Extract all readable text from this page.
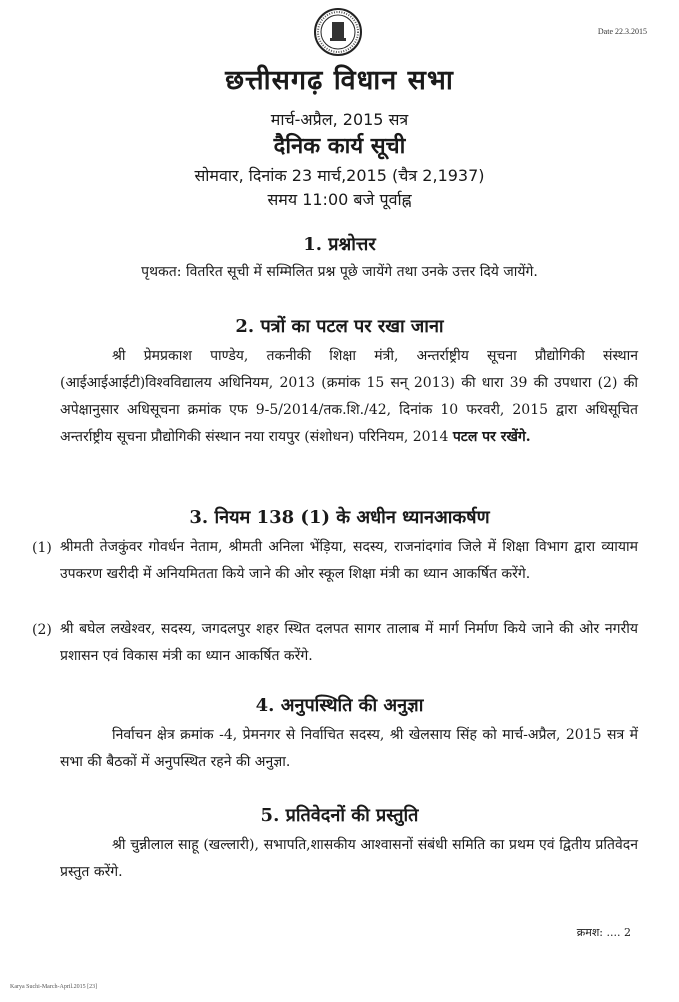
Date 22.3.2015
छत्तीसगढ़ विधान सभा
मार्च-अप्रैल, 2015 सत्र
दैनिक कार्य सूची
सोमवार, दिनांक 23 मार्च,2015 (चैत्र 2,1937)
समय 11:00 बजे पूर्वाह्न
1. प्रश्नोत्तर
पृथकत: वितरित सूची में सम्मिलित प्रश्न पूछे जायेंगे तथा उनके उत्तर दिये जायेंगे.
2. पत्रों का पटल पर रखा जाना
श्री प्रेमप्रकाश पाण्डेय, तकनीकी शिक्षा मंत्री, अन्तर्राष्ट्रीय सूचना प्रौद्योगिकी संस्थान (आईआईआईटी)विश्वविद्यालय अधिनियम, 2013 (क्रमांक 15 सन् 2013) की धारा 39 की उपधारा (2) की अपेक्षानुसार अधिसूचना क्रमांक एफ 9-5/2014/तक.शि./42, दिनांक 10 फरवरी, 2015 द्वारा अधिसूचित अन्तर्राष्ट्रीय सूचना प्रौद्योगिकी संस्थान नया रायपुर (संशोधन) परिनियम, 2014 पटल पर रखेंगे.
3. नियम 138 (1) के अधीन ध्यानआकर्षण
(1) श्रीमती तेजकुंवर गोवर्धन नेताम, श्रीमती अनिला भेंड़िया, सदस्य, राजनांदगांव जिले में शिक्षा विभाग द्वारा व्यायाम उपकरण खरीदी में अनियमितता किये जाने की ओर स्कूल शिक्षा मंत्री का ध्यान आकर्षित करेंगे.
(2) श्री बघेल लखेश्वर, सदस्य, जगदलपुर शहर स्थित दलपत सागर तालाब में मार्ग निर्माण किये जाने की ओर नगरीय प्रशासन एवं विकास मंत्री का ध्यान आकर्षित करेंगे.
4. अनुपस्थिति की अनुज्ञा
निर्वाचन क्षेत्र क्रमांक -4, प्रेमनगर से निर्वाचित सदस्य, श्री खेलसाय सिंह को मार्च-अप्रैल, 2015 सत्र में सभा की बैठकों में अनुपस्थित रहने की अनुज्ञा.
5. प्रतिवेदनों की प्रस्तुति
श्री चुन्नीलाल साहू (खल्लारी), सभापति,शासकीय आश्वासनों संबंधी समिति का प्रथम एवं द्वितीय प्रतिवेदन प्रस्तुत करेंगे.
क्रमश: .... 2
Karya Suchi-March-April.2015 [23]
